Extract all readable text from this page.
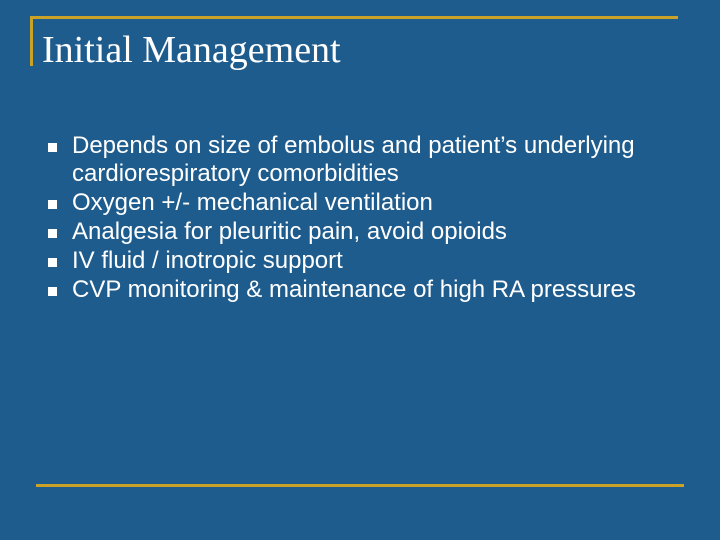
Initial Management
Depends on size of embolus and patient’s underlying cardiorespiratory comorbidities
Oxygen +/- mechanical ventilation
Analgesia for pleuritic pain, avoid opioids
IV fluid / inotropic support
CVP monitoring & maintenance of high RA pressures
